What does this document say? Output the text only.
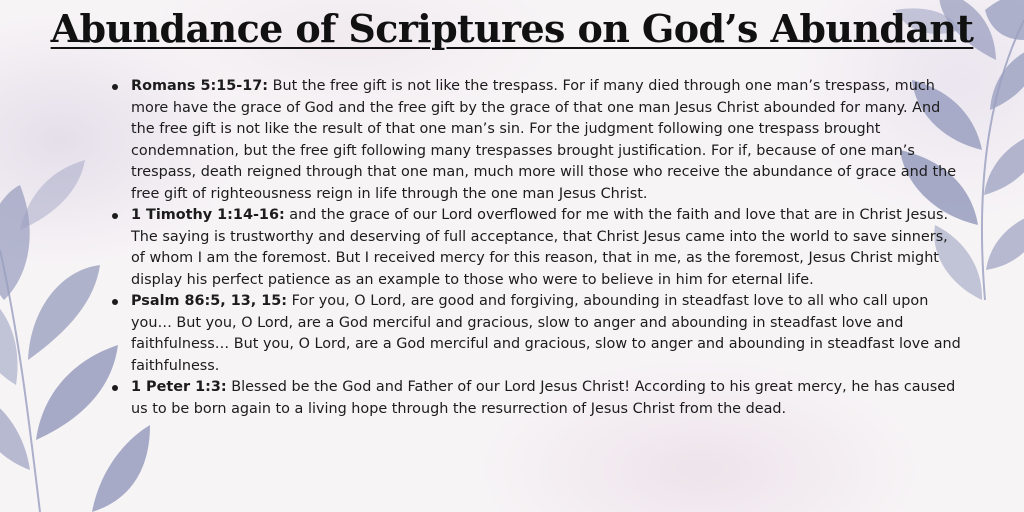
Abundance of Scriptures on God’s Abundant
Romans 5:15-17: But the free gift is not like the trespass. For if many died through one man’s trespass, much more have the grace of God and the free gift by the grace of that one man Jesus Christ abounded for many. And the free gift is not like the result of that one man’s sin. For the judgment following one trespass brought condemnation, but the free gift following many trespasses brought justification. For if, because of one man’s trespass, death reigned through that one man, much more will those who receive the abundance of grace and the free gift of righteousness reign in life through the one man Jesus Christ.
1 Timothy 1:14-16: and the grace of our Lord overflowed for me with the faith and love that are in Christ Jesus. The saying is trustworthy and deserving of full acceptance, that Christ Jesus came into the world to save sinners, of whom I am the foremost. But I received mercy for this reason, that in me, as the foremost, Jesus Christ might display his perfect patience as an example to those who were to believe in him for eternal life.
Psalm 86:5, 13, 15: For you, O Lord, are good and forgiving, abounding in steadfast love to all who call upon you… But you, O Lord, are a God merciful and gracious, slow to anger and abounding in steadfast love and faithfulness… But you, O Lord, are a God merciful and gracious, slow to anger and abounding in steadfast love and faithfulness.
1 Peter 1:3: Blessed be the God and Father of our Lord Jesus Christ! According to his great mercy, he has caused us to be born again to a living hope through the resurrection of Jesus Christ from the dead.
